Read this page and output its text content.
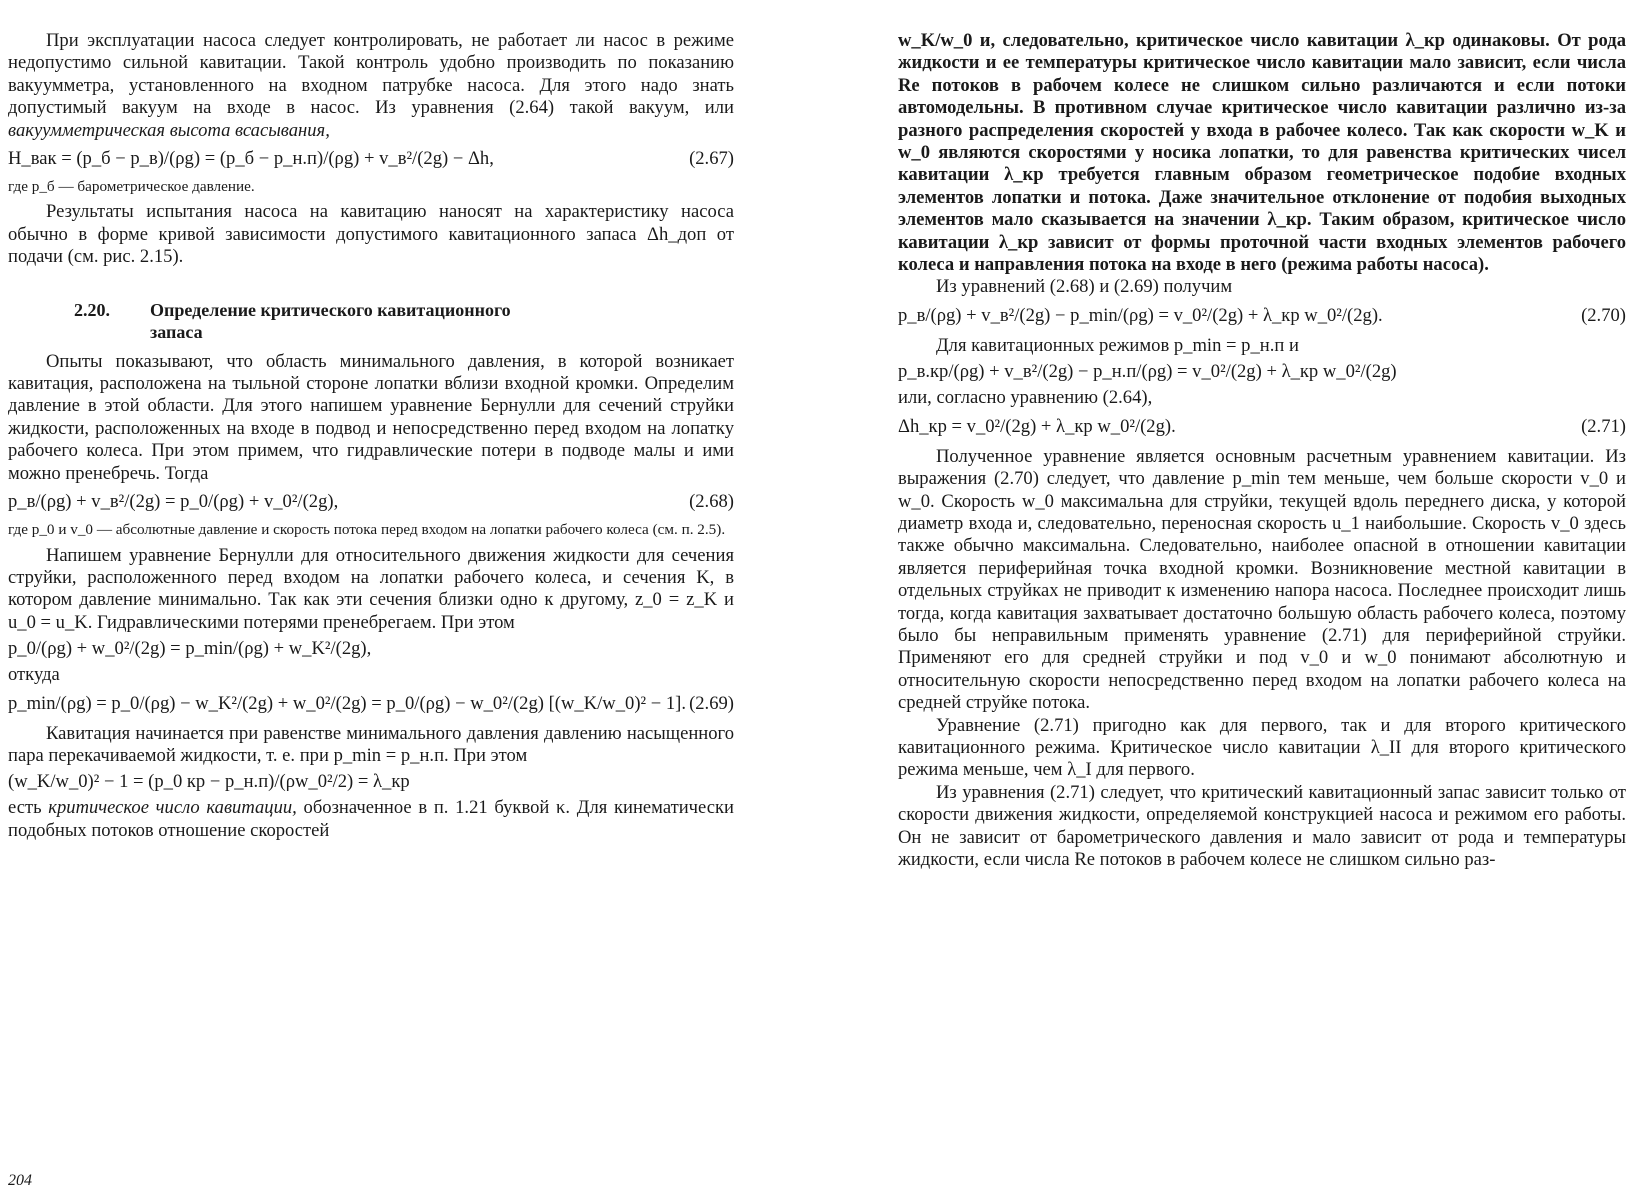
При эксплуатации насоса следует контролировать, не работает ли насос в режиме недопустимо сильной кавитации. Такой контроль удобно производить по показанию вакуумметра, установленного на входном патрубке насоса. Для этого надо знать допустимый вакуум на входе в насос. Из уравнения (2.64) такой вакуум, или вакуумметрическая высота всасывания,

H_вак = (p_б − p_в)/(ρg) = (p_б − p_н.п)/(ρg) + v_в²/(2g) − Δh,	(2.67)

где p_б — барометрическое давление.

Результаты испытания насоса на кавитацию наносят на характеристику насоса обычно в форме кривой зависимости допустимого кавитационного запаса Δh_доп от подачи (см. рис. 2.15).

2.20. Определение критического кавитационного
запаса

Опыты показывают, что область минимального давления, в которой возникает кавитация, расположена на тыльной стороне лопатки вблизи входной кромки. Определим давление в этой области. Для этого напишем уравнение Бернулли для сечений струйки жидкости, расположенных на входе в подвод и непосредственно перед входом на лопатку рабочего колеса. При этом примем, что гидравлические потери в подводе малы и ими можно пренебречь. Тогда

p_в/(ρg) + v_в²/(2g) = p_0/(ρg) + v_0²/(2g),	(2.68)

где p_0 и v_0 — абсолютные давление и скорость потока перед входом на лопатки рабочего колеса (см. п. 2.5).

Напишем уравнение Бернулли для относительного движения жидкости для сечения струйки, расположенного перед входом на лопатки рабочего колеса, и сечения K, в котором давление минимально. Так как эти сечения близки одно к другому, z_0 = z_K и u_0 = u_K. Гидравлическими потерями пренебрегаем. При этом

p_0/(ρg) + w_0²/(2g) = p_min/(ρg) + w_K²/(2g),

откуда

p_min/(ρg) = p_0/(ρg) − w_K²/(2g) + w_0²/(2g) = p_0/(ρg) − w_0²/(2g) [(w_K/w_0)² − 1]. (2.69)

Кавитация начинается при равенстве минимального давления давлению насыщенного пара перекачиваемой жидкости, т. е. при p_min = p_н.п. При этом

(w_K/w_0)² − 1 = (p_0 кр − p_н.п)/(ρw_0²/2) = λ_кр

есть критическое число кавитации, обозначенное в п. 1.21 буквой κ. Для кинематически подобных потоков отношение скоростей

204

w_K/w_0 и, следовательно, критическое число кавитации λ_кр одинаковы. От рода жидкости и ее температуры критическое число кавитации мало зависит, если числа Re потоков в рабочем колесе не слишком сильно различаются и если потоки автомодельны. В противном случае критическое число кавитации различно из-за разного распределения скоростей у входа в рабочее колесо. Так как скорости w_K и w_0 являются скоростями у носика лопатки, то для равенства критических чисел кавитации λ_кр требуется главным образом геометрическое подобие входных элементов лопатки и потока. Даже значительное отклонение от подобия выходных элементов мало сказывается на значении λ_кр. Таким образом, критическое число кавитации λ_кр зависит от формы проточной части входных элементов рабочего колеса и направления потока на входе в него (режима работы насоса).

Из уравнений (2.68) и (2.69) получим

p_в/(ρg) + v_в²/(2g) − p_min/(ρg) = v_0²/(2g) + λ_кр w_0²/(2g).	(2.70)

Для кавитационных режимов p_min = p_н.п и

p_в.кр/(ρg) + v_в²/(2g) − p_н.п/(ρg) = v_0²/(2g) + λ_кр w_0²/(2g)

или, согласно уравнению (2.64),

Δh_кр = v_0²/(2g) + λ_кр w_0²/(2g).	(2.71)

Полученное уравнение является основным расчетным уравнением кавитации. Из выражения (2.70) следует, что давление p_min тем меньше, чем больше скорости v_0 и w_0. Скорость w_0 максимальна для струйки, текущей вдоль переднего диска, у которой диаметр входа и, следовательно, переносная скорость u_1 наибольшие. Скорость v_0 здесь также обычно максимальна. Следовательно, наиболее опасной в отношении кавитации является периферийная точка входной кромки. Возникновение местной кавитации в отдельных струйках не приводит к изменению напора насоса. Последнее происходит лишь тогда, когда кавитация захватывает достаточно большую область рабочего колеса, поэтому было бы неправильным применять уравнение (2.71) для периферийной струйки. Применяют его для средней струйки и под v_0 и w_0 понимают абсолютную и относительную скорости непосредственно перед входом на лопатки рабочего колеса на средней струйке потока.

Уравнение (2.71) пригодно как для первого, так и для второго критического кавитационного режима. Критическое число кавитации λ_II для второго критического режима меньше, чем λ_I для первого.

Из уравнения (2.71) следует, что критический кавитационный запас зависит только от скорости движения жидкости, определяемой конструкцией насоса и режимом его работы. Он не зависит от барометрического давления и мало зависит от рода и температуры жидкости, если числа Re потоков в рабочем колесе не слишком сильно раз-
